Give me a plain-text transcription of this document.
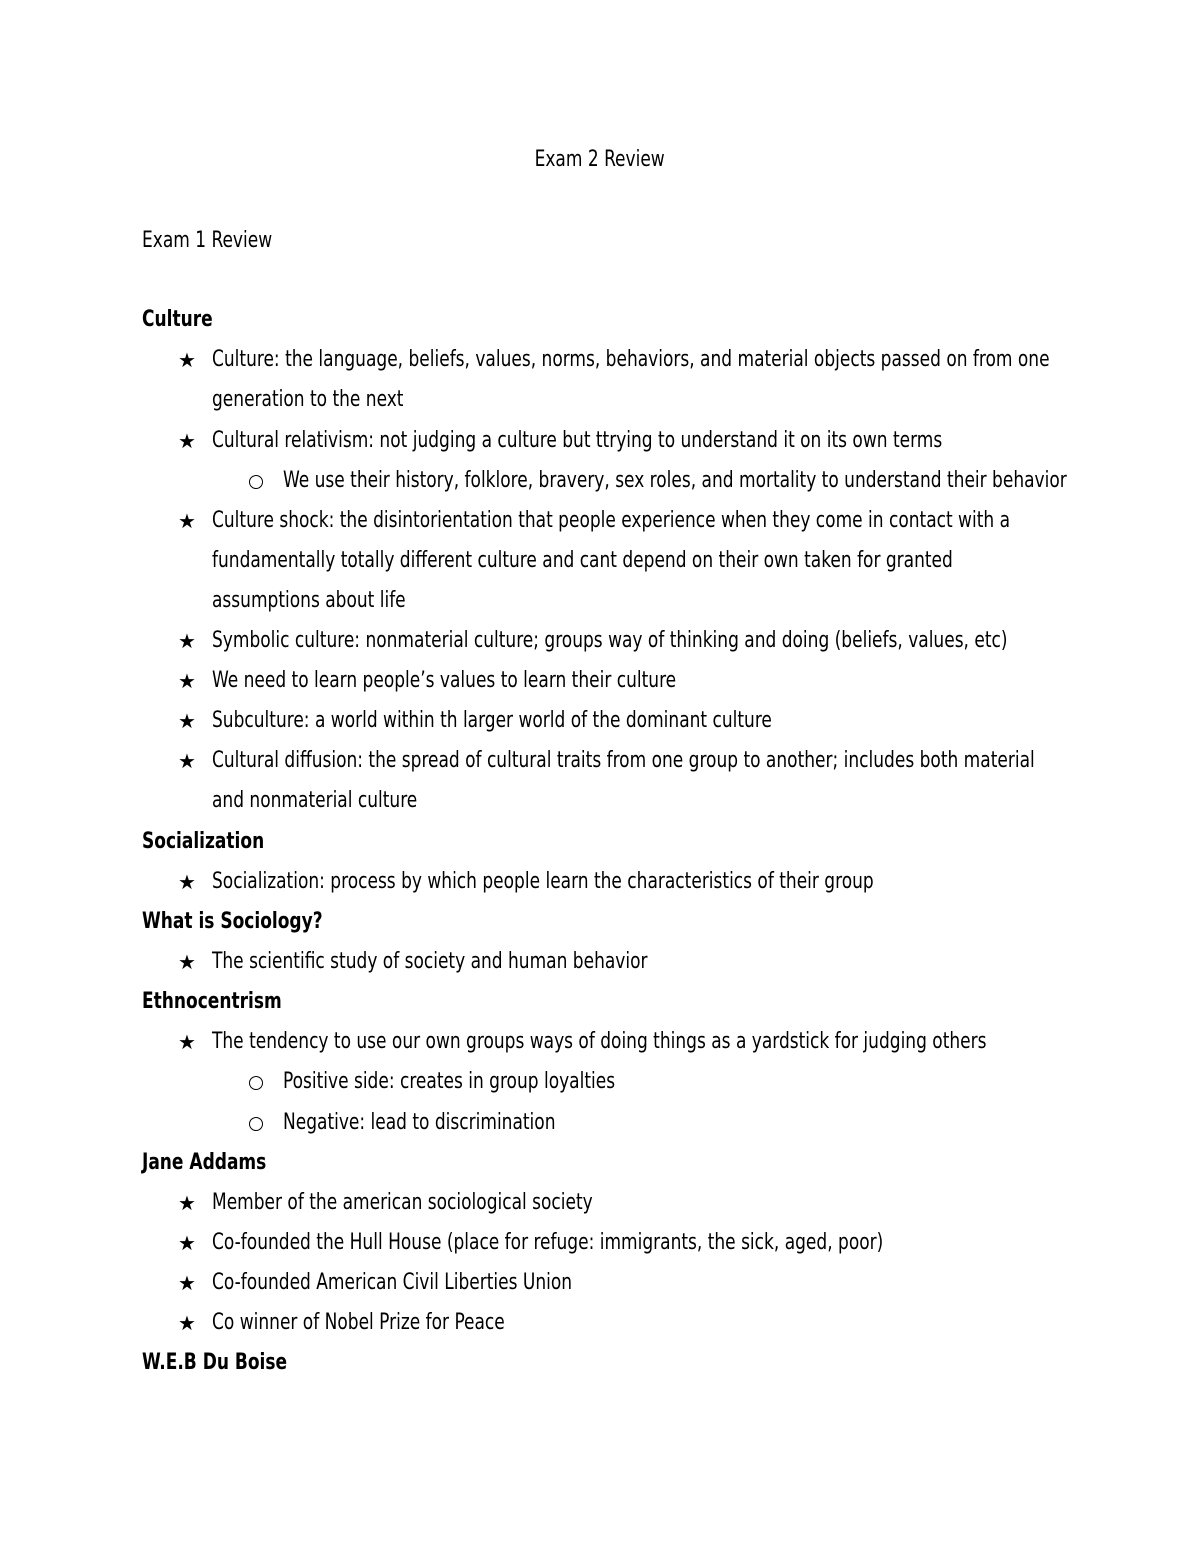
Exam 2 Review
Exam 1 Review
Culture
★ Culture: the language, beliefs, values, norms, behaviors, and material objects passed on from one
generation to the next
★ Cultural relativism: not judging a culture but ttrying to understand it on its own terms
We use their history, folklore, bravery, sex roles, and mortality to understand their behavior
★ Culture shock: the disintorientation that people experience when they come in contact with a
fundamentally totally different culture and cant depend on their own taken for granted
assumptions about life
★ Symbolic culture: nonmaterial culture; groups way of thinking and doing (beliefs, values, etc)
★ We need to learn people’s values to learn their culture
★ Subculture: a world within th larger world of the dominant culture
★ Cultural diffusion: the spread of cultural traits from one group to another; includes both material
and nonmaterial culture
Socialization
★ Socialization: process by which people learn the characteristics of their group
What is Sociology?
★ The scientific study of society and human behavior
Ethnocentrism
★ The tendency to use our own groups ways of doing things as a yardstick for judging others
Positive side: creates in group loyalties
Negative: lead to discrimination
Jane Addams
★ Member of the american sociological society
★ Co-founded the Hull House (place for refuge: immigrants, the sick, aged, poor)
★ Co-founded American Civil Liberties Union
★ Co winner of Nobel Prize for Peace
W.E.B Du Boise
